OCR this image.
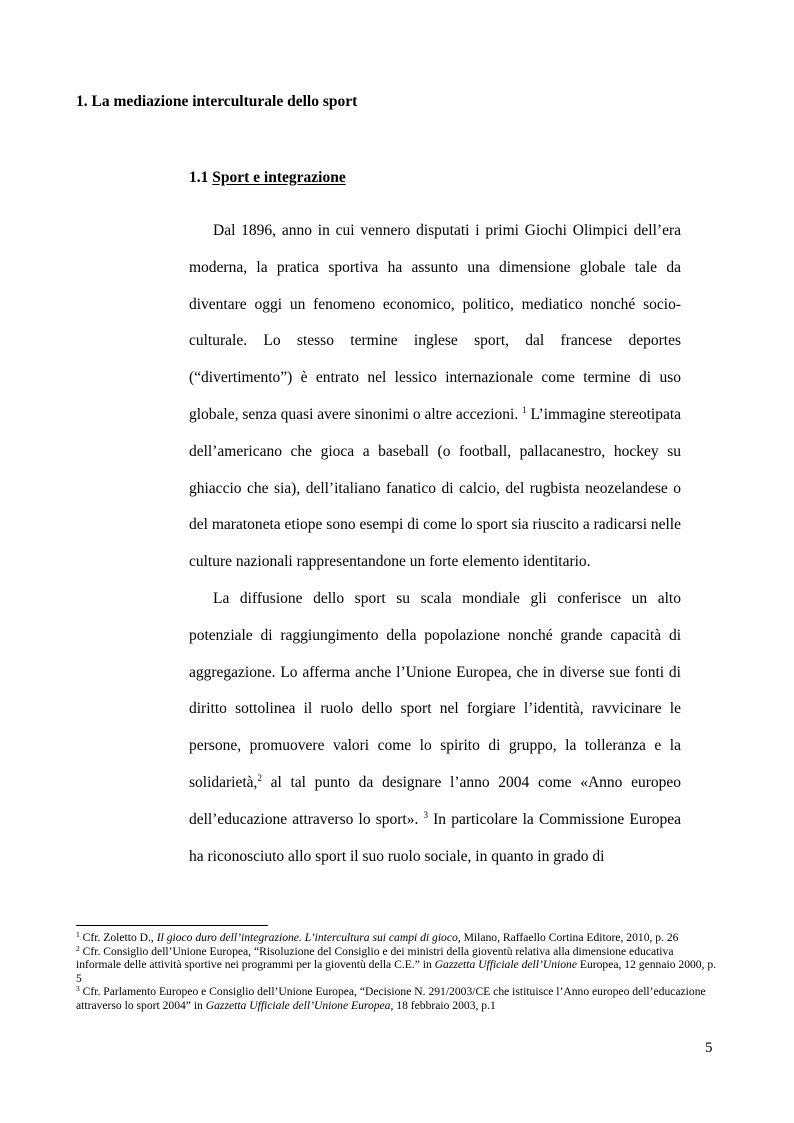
1. La mediazione interculturale dello sport
1.1 Sport e integrazione

Dal 1896, anno in cui vennero disputati i primi Giochi Olimpici dell’era moderna, la pratica sportiva ha assunto una dimensione globale tale da diventare oggi un fenomeno economico, politico, mediatico nonché socio-culturale. Lo stesso termine inglese sport, dal francese deportes (“divertimento”) è entrato nel lessico internazionale come termine di uso globale, senza quasi avere sinonimi o altre accezioni. $^1$ L’immagine stereotipata dell’americano che gioca a baseball (o football, pallacanestro, hockey su ghiaccio che sia), dell’italiano fanatico di calcio, del rugbista neozelandese o del maratoneta etiope sono esempi di come lo sport sia riuscito a radicarsi nelle culture nazionali rappresentandone un forte elemento identitario.

La diffusione dello sport su scala mondiale gli conferisce un alto potenziale di raggiungimento della popolazione nonché grande capacità di aggregazione. Lo afferma anche l’Unione Europea, che in diverse sue fonti di diritto sottolinea il ruolo dello sport nel forgiare l’identità, ravvicinare le persone, promuovere valori come lo spirito di gruppo, la tolleranza e la solidarietà,$^2$ al tal punto da designare l’anno 2004 come «Anno europeo dell’educazione attraverso lo sport». $^3$ In particolare la Commissione Europea ha riconosciuto allo sport il suo ruolo sociale, in quanto in grado di

$^1$ Cfr. Zoletto D., Il gioco duro dell’integrazione. L’intercultura sui campi di gioco, Milano, Raffaello Cortina Editore, 2010, p. 26

$^2$ Cfr. Consiglio dell’Unione Europea, “Risoluzione del Consiglio e dei ministri della gioventù relativa alla dimensione educativa informale delle attività sportive nei programmi per la gioventù della C.E.” in Gazzetta Ufficiale dell’Unione Europea, 12 gennaio 2000, p. 5

$^3$ Cfr. Parlamento Europeo e Consiglio dell’Unione Europea, “Decisione N. 291/2003/CE che istituisce l’Anno europeo dell’educazione attraverso lo sport 2004” in Gazzetta Ufficiale dell’Unione Europea, 18 febbraio 2003, p.1

5
